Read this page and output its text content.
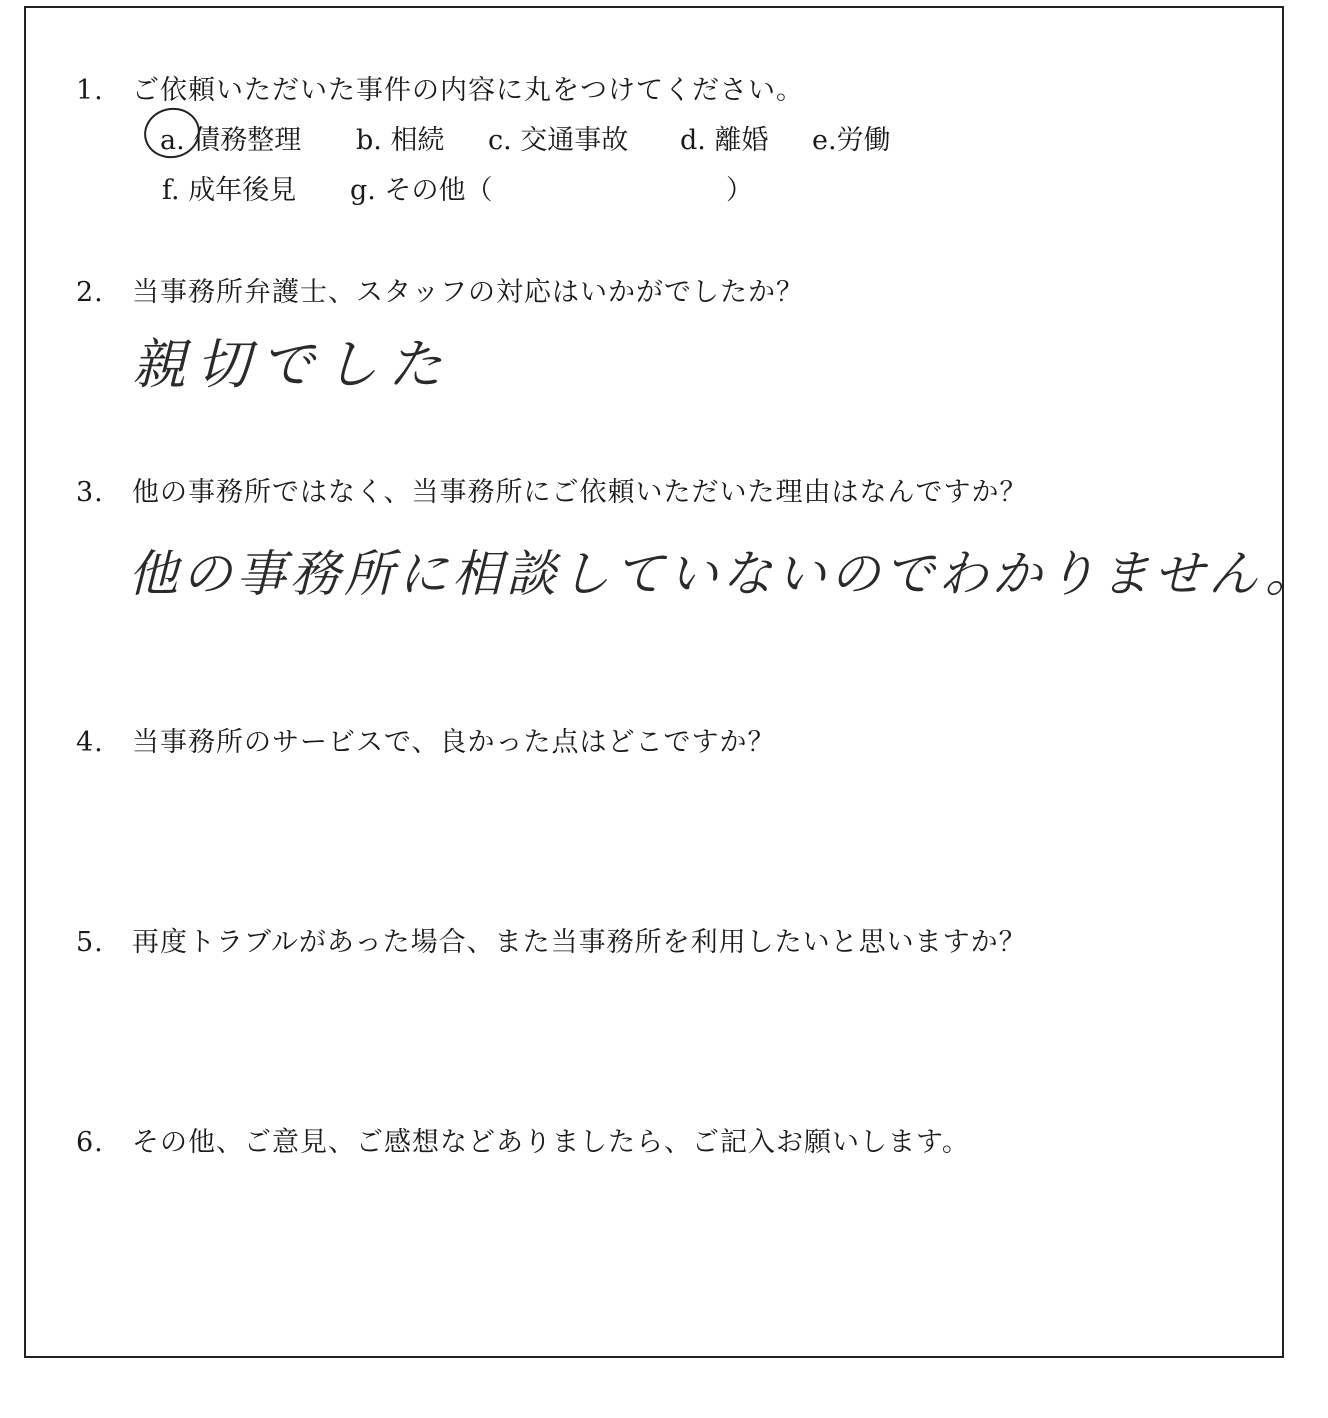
1. ご依頼いただいた事件の内容に丸をつけてください。
a. 債務整理 b. 相続 c. 交通事故 d. 離婚 e.労働
f. 成年後見 g. その他（	）
2. 当事務所弁護士、スタッフの対応はいかがでしたか？
親切でした
3. 他の事務所ではなく、当事務所にご依頼いただいた理由はなんですか？
他の事務所に相談していないのでわかりません。
4. 当事務所のサービスで、良かった点はどこですか？
5. 再度トラブルがあった場合、また当事務所を利用したいと思いますか？
6. その他、ご意見、ご感想などありましたら、ご記入お願いします。
